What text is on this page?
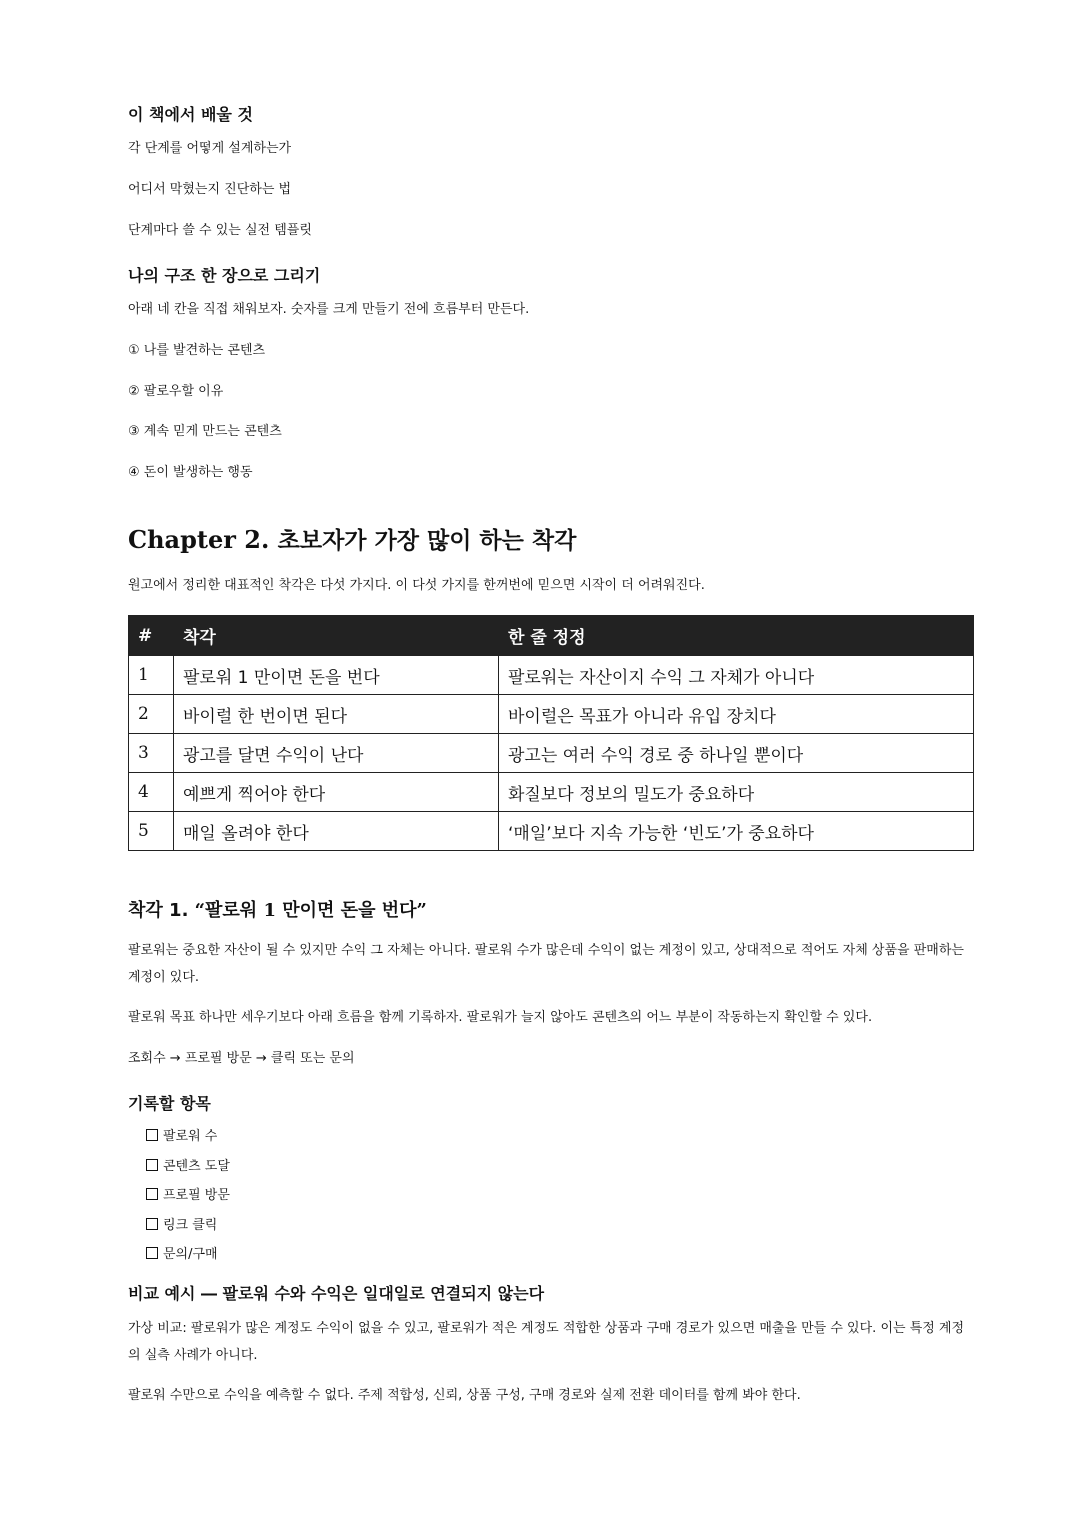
이 책에서 배울 것

각 단계를 어떻게 설계하는가

어디서 막혔는지 진단하는 법

단계마다 쓸 수 있는 실전 템플릿

나의 구조 한 장으로 그리기

아래 네 칸을 직접 채워보자. 숫자를 크게 만들기 전에 흐름부터 만든다.

① 나를 발견하는 콘텐츠

② 팔로우할 이유

③ 계속 믿게 만드는 콘텐츠

④ 돈이 발생하는 행동

Chapter 2. 초보자가 가장 많이 하는 착각

원고에서 정리한 대표적인 착각은 다섯 가지다. 이 다섯 가지를 한꺼번에 믿으면 시작이 더 어려워진다.

#	착각	한 줄 정정
1	팔로워 1 만이면 돈을 번다	팔로워는 자산이지 수익 그 자체가 아니다
2	바이럴 한 번이면 된다	바이럴은 목표가 아니라 유입 장치다
3	광고를 달면 수익이 난다	광고는 여러 수익 경로 중 하나일 뿐이다
4	예쁘게 찍어야 한다	화질보다 정보의 밀도가 중요하다
5	매일 올려야 한다	‘매일’보다 지속 가능한 ‘빈도’가 중요하다
착각 1. “팔로워 1 만이면 돈을 번다”

팔로워는 중요한 자산이 될 수 있지만 수익 그 자체는 아니다. 팔로워 수가 많은데 수익이 없는 계정이 있고, 상대적으로 적어도 자체 상품을 판매하는 계정이 있다.

팔로워 목표 하나만 세우기보다 아래 흐름을 함께 기록하자. 팔로워가 늘지 않아도 콘텐츠의 어느 부분이 작동하는지 확인할 수 있다.

조회수 → 프로필 방문 → 클릭 또는 문의

기록할 항목
팔로워 수
콘텐츠 도달
프로필 방문
링크 클릭
문의/구매
비교 예시 ― 팔로워 수와 수익은 일대일로 연결되지 않는다

가상 비교: 팔로워가 많은 계정도 수익이 없을 수 있고, 팔로워가 적은 계정도 적합한 상품과 구매 경로가 있으면 매출을 만들 수 있다. 이는 특정 계정의 실측 사례가 아니다.

팔로워 수만으로 수익을 예측할 수 없다. 주제 적합성, 신뢰, 상품 구성, 구매 경로와 실제 전환 데이터를 함께 봐야 한다.
